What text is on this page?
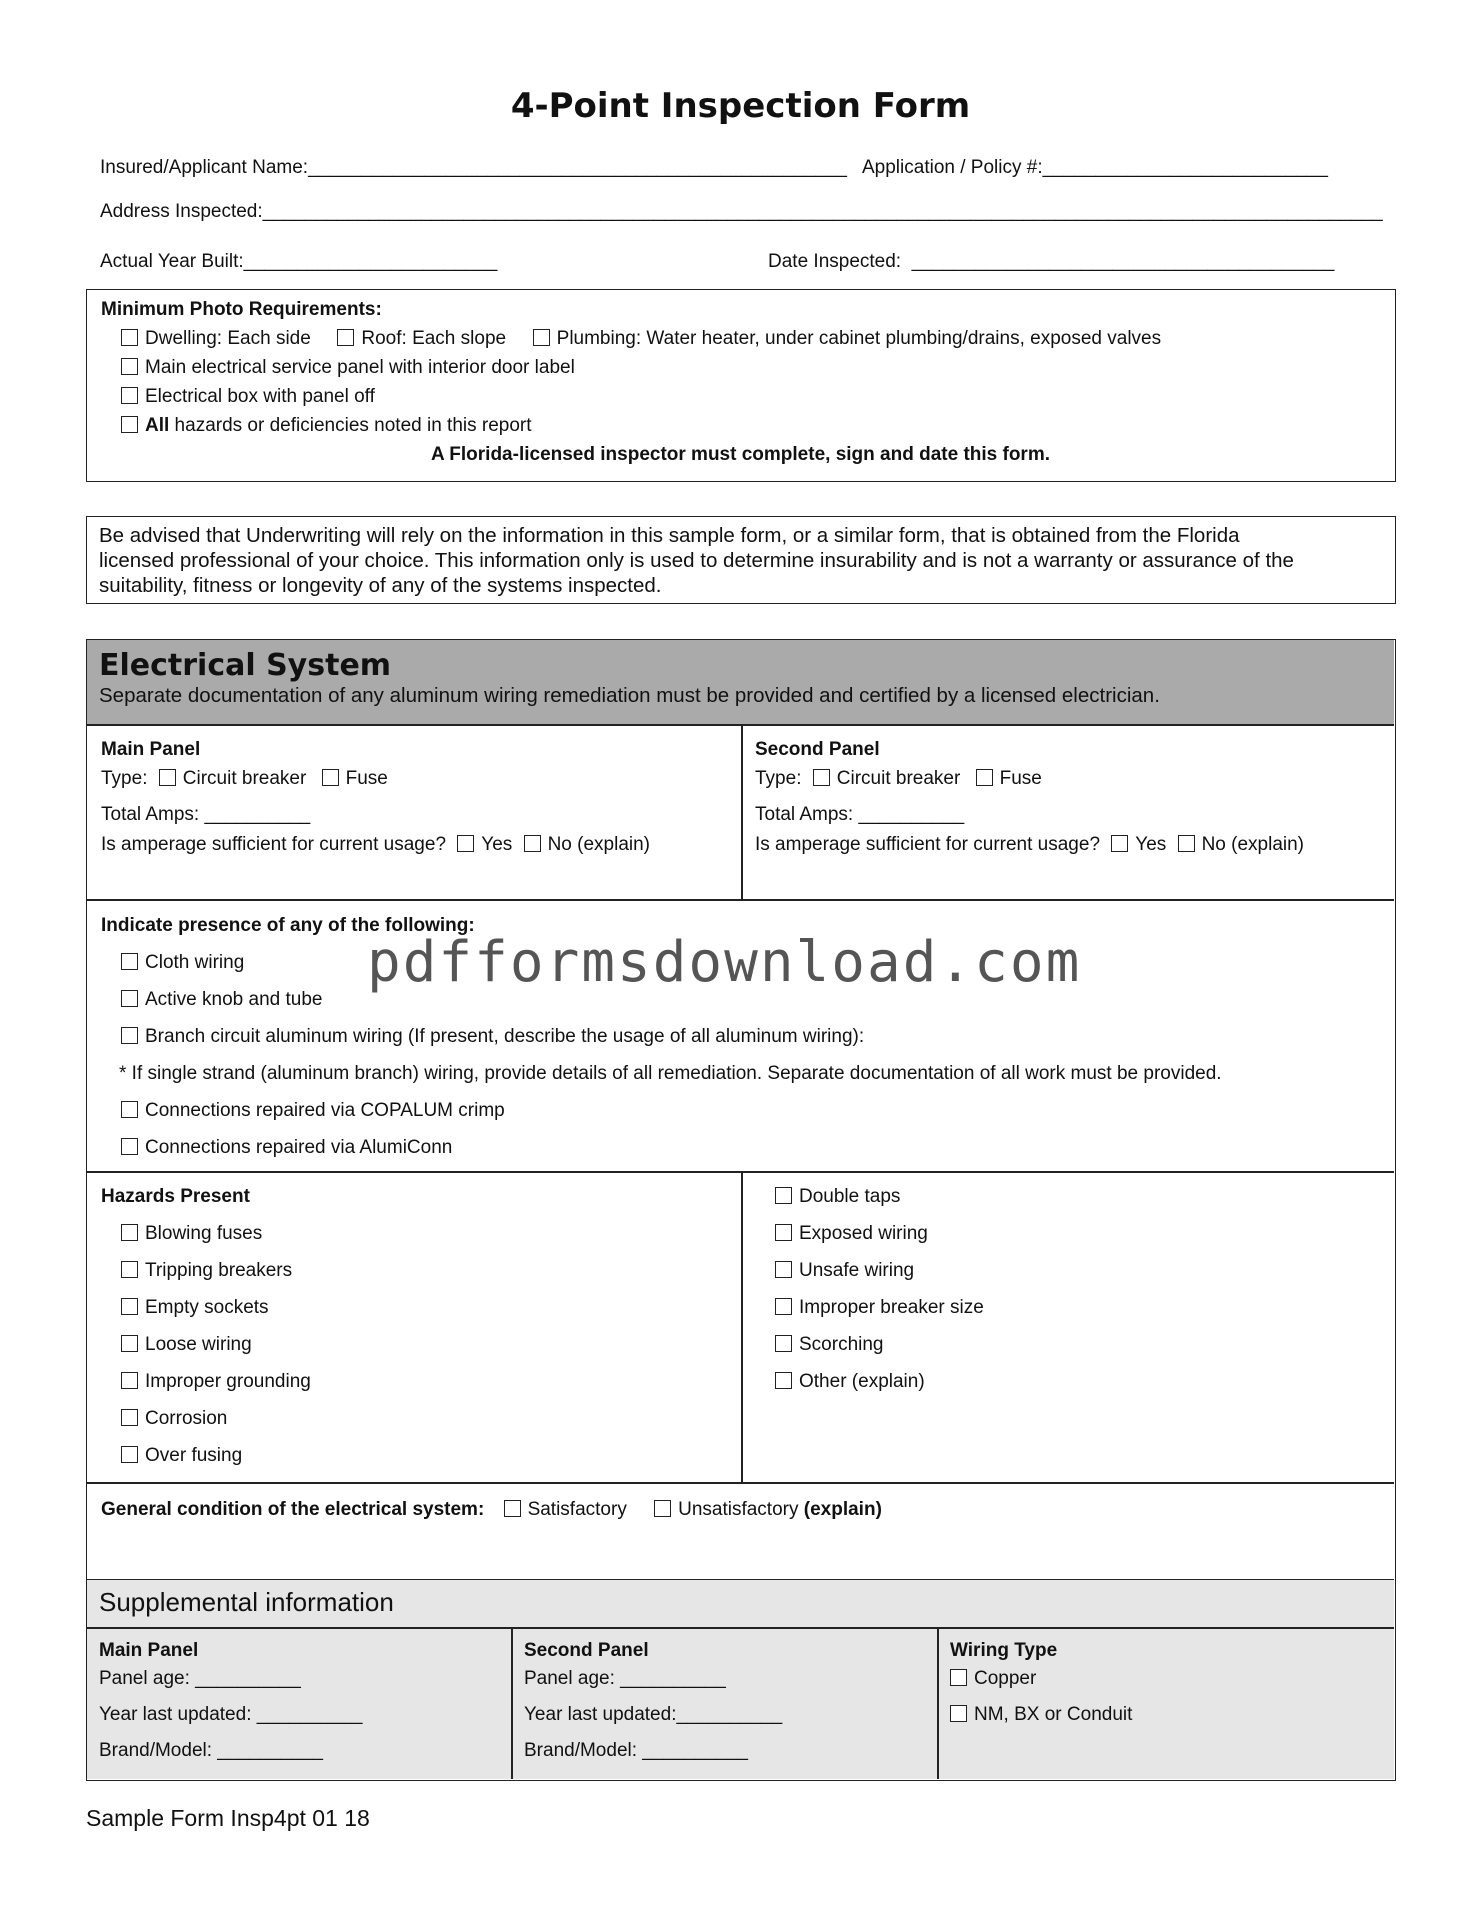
4-Point Inspection Form
Insured/Applicant Name:___________________________________________________ Application / Policy #:___________________________
Address Inspected:__________________________________________________________________________________________________________
Actual Year Built:________________________	Date Inspected: ________________________________________
Minimum Photo Requirements:
Dwelling: Each side	Roof: Each slope	Plumbing: Water heater, under cabinet plumbing/drains, exposed valves
Main electrical service panel with interior door label
Electrical box with panel off
All hazards or deficiencies noted in this report
A Florida-licensed inspector must complete, sign and date this form.
Be advised that Underwriting will rely on the information in this sample form, or a similar form, that is obtained from the Florida
licensed professional of your choice. This information only is used to determine insurability and is not a warranty or assurance of the
suitability, fitness or longevity of any of the systems inspected.
Electrical System
Separate documentation of any aluminum wiring remediation must be provided and certified by a licensed electrician.
Main Panel
Type: Circuit breaker Fuse
Total Amps: __________
Is amperage sufficient for current usage? Yes No (explain)
Second Panel
Type: Circuit breaker Fuse
Total Amps: __________
Is amperage sufficient for current usage? Yes No (explain)
Indicate presence of any of the following:
pdfformsdownload.com
Cloth wiring
Active knob and tube
Branch circuit aluminum wiring (If present, describe the usage of all aluminum wiring):
* If single strand (aluminum branch) wiring, provide details of all remediation. Separate documentation of all work must be provided.
Connections repaired via COPALUM crimp
Connections repaired via AlumiConn
Hazards Present
Blowing fuses
Tripping breakers
Empty sockets
Loose wiring
Improper grounding
Corrosion
Over fusing
Double taps
Exposed wiring
Unsafe wiring
Improper breaker size
Scorching
Other (explain)
General condition of the electrical system: Satisfactory	Unsatisfactory (explain)
Supplemental information
Main Panel
Panel age: __________
Year last updated: __________
Brand/Model: __________
Second Panel
Panel age: __________
Year last updated:__________
Brand/Model: __________
Wiring Type
Copper
NM, BX or Conduit
Sample Form Insp4pt 01 18
